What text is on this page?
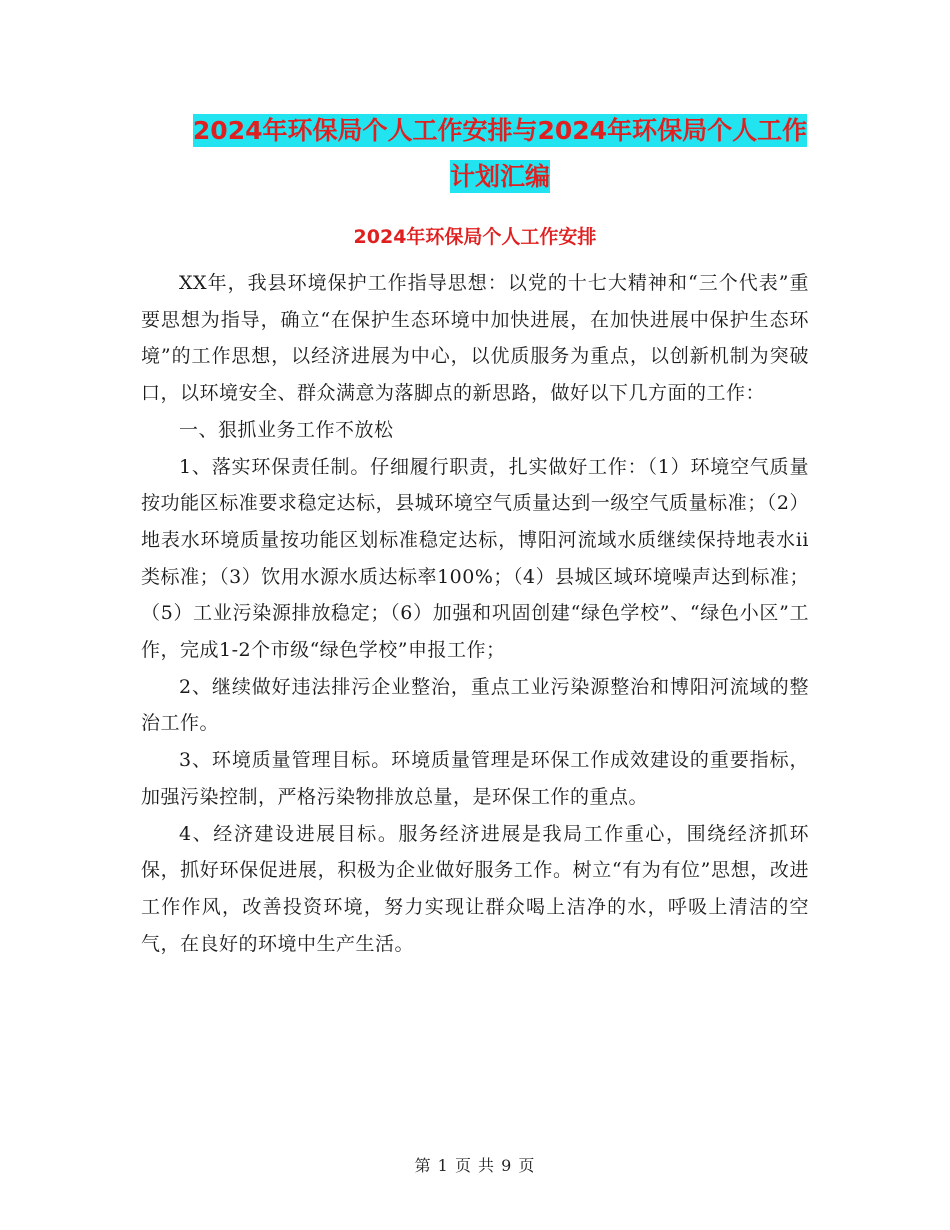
2024年环保局个人工作安排与2024年环保局个人工作
计划汇编
2024年环保局个人工作安排

XX年，我县环境保护工作指导思想：以党的十七大精神和“三个代表”重要思想为指导，确立“在保护生态环境中加快进展，在加快进展中保护生态环境”的工作思想，以经济进展为中心，以优质服务为重点，以创新机制为突破口，以环境安全、群众满意为落脚点的新思路，做好以下几方面的工作：

一、狠抓业务工作不放松

1、落实环保责任制。仔细履行职责，扎实做好工作：（1）环境空气质量按功能区标准要求稳定达标，县城环境空气质量达到一级空气质量标准；（2）地表水环境质量按功能区划标准稳定达标，博阳河流域水质继续保持地表水ii类标准；（3）饮用水源水质达标率100%；（4）县城区域环境噪声达到标准；（5）工业污染源排放稳定；（6）加强和巩固创建“绿色学校”、“绿色小区”工作，完成1-2个市级“绿色学校”申报工作；

2、继续做好违法排污企业整治，重点工业污染源整治和博阳河流域的整治工作。

3、环境质量管理目标。环境质量管理是环保工作成效建设的重要指标，加强污染控制，严格污染物排放总量，是环保工作的重点。

4、经济建设进展目标。服务经济进展是我局工作重心，围绕经济抓环保，抓好环保促进展，积极为企业做好服务工作。树立“有为有位”思想，改进工作作风，改善投资环境，努力实现让群众喝上洁净的水，呼吸上清洁的空气，在良好的环境中生产生活。

第 1 页 共 9 页
